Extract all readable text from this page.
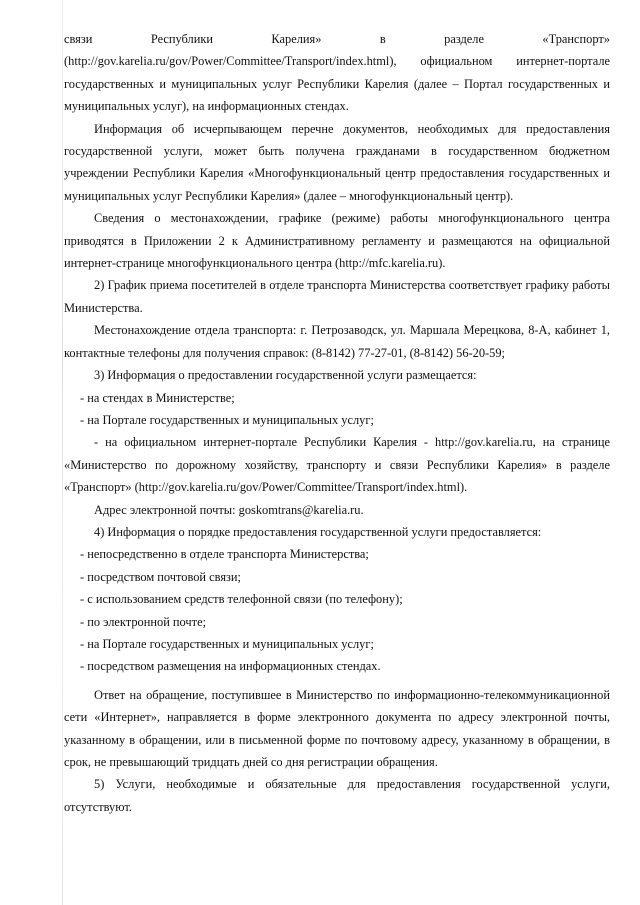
связи Республики Карелия» в разделе «Транспорт» (http://gov.karelia.ru/gov/Power/Committee/Transport/index.html), официальном интернет-портале государственных и муниципальных услуг Республики Карелия (далее – Портал государственных и муниципальных услуг), на информационных стендах.

Информация об исчерпывающем перечне документов, необходимых для предоставления государственной услуги, может быть получена гражданами в государственном бюджетном учреждении Республики Карелия «Многофункциональный центр предоставления государственных и муниципальных услуг Республики Карелия» (далее – многофункциональный центр).

Сведения о местонахождении, графике (режиме) работы многофункционального центра приводятся в Приложении 2 к Административному регламенту и размещаются на официальной интернет-странице многофункционального центра (http://mfc.karelia.ru).

2) График приема посетителей в отделе транспорта Министерства соответствует графику работы Министерства.

Местонахождение отдела транспорта: г. Петрозаводск, ул. Маршала Мерецкова, 8-А, кабинет 1, контактные телефоны для получения справок: (8-8142) 77-27-01, (8-8142) 56-20-59;

3) Информация о предоставлении государственной услуги размещается:

- на стендах в Министерстве;

- на Портале государственных и муниципальных услуг;

- на официальном интернет-портале Республики Карелия - http://gov.karelia.ru, на странице «Министерство по дорожному хозяйству, транспорту и связи Республики Карелия» в разделе «Транспорт» (http://gov.karelia.ru/gov/Power/Committee/Transport/index.html).

Адрес электронной почты: goskomtrans@karelia.ru.

4) Информация о порядке предоставления государственной услуги предоставляется:

- непосредственно в отделе транспорта Министерства;

- посредством почтовой связи;

- с использованием средств телефонной связи (по телефону);

- по электронной почте;

- на Портале государственных и муниципальных услуг;

- посредством размещения на информационных стендах.

Ответ на обращение, поступившее в Министерство по информационно-телекоммуникационной сети «Интернет», направляется в форме электронного документа по адресу электронной почты, указанному в обращении, или в письменной форме по почтовому адресу, указанному в обращении, в срок, не превышающий тридцать дней со дня регистрации обращения.

5) Услуги, необходимые и обязательные для предоставления государственной услуги, отсутствуют.
